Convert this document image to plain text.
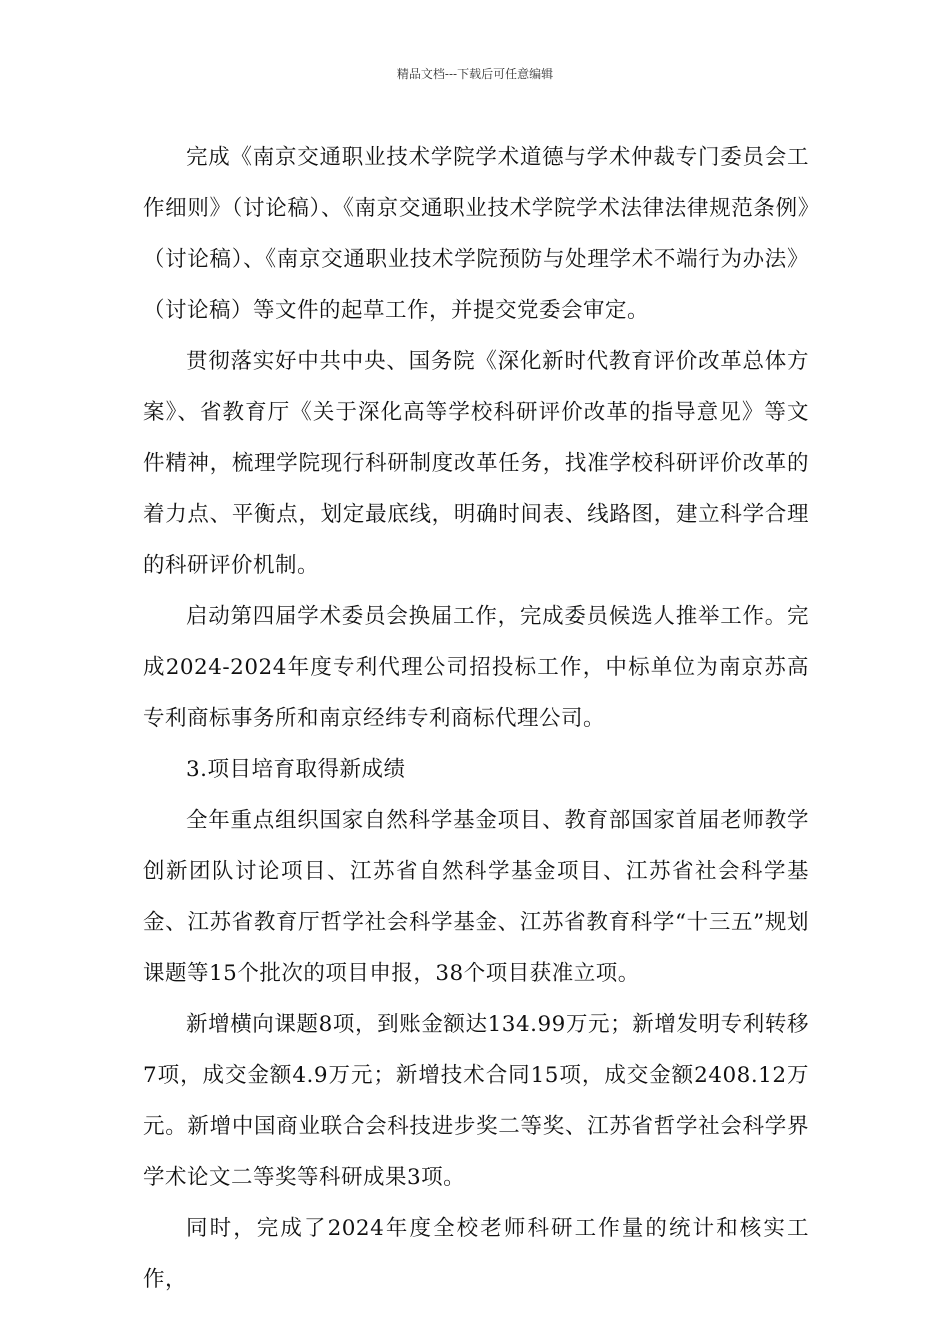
精品文档---下载后可任意编辑

完成《南京交通职业技术学院学术道德与学术仲裁专门委员会工作细则》（讨论稿）、《南京交通职业技术学院学术法律法律规范条例》（讨论稿）、《南京交通职业技术学院预防与处理学术不端行为办法》（讨论稿）等文件的起草工作，并提交党委会审定。

贯彻落实好中共中央、国务院《深化新时代教育评价改革总体方案》、省教育厅《关于深化高等学校科研评价改革的指导意见》等文件精神，梳理学院现行科研制度改革任务，找准学校科研评价改革的着力点、平衡点，划定最底线，明确时间表、线路图，建立科学合理的科研评价机制。

启动第四届学术委员会换届工作，完成委员候选人推举工作。完成2024-2024年度专利代理公司招投标工作，中标单位为南京苏高专利商标事务所和南京经纬专利商标代理公司。

3.项目培育取得新成绩

全年重点组织国家自然科学基金项目、教育部国家首届老师教学创新团队讨论项目、江苏省自然科学基金项目、江苏省社会科学基金、江苏省教育厅哲学社会科学基金、江苏省教育科学“十三五”规划课题等15个批次的项目申报，38个项目获准立项。

新增横向课题8项，到账金额达134.99万元；新增发明专利转移7项，成交金额4.9万元；新增技术合同15项，成交金额2408.12万元。新增中国商业联合会科技进步奖二等奖、江苏省哲学社会科学界学术论文二等奖等科研成果3项。

同时，完成了2024年度全校老师科研工作量的统计和核实工作，
